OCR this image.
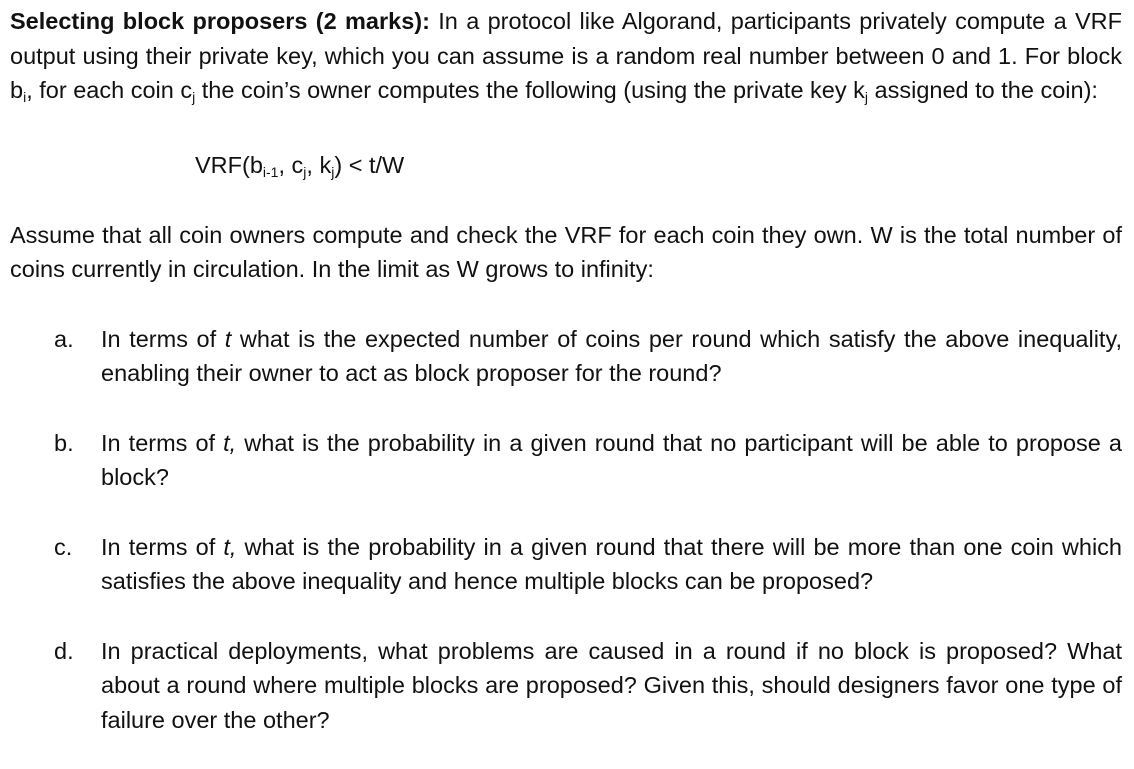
Selecting block proposers (2 marks): In a protocol like Algorand, participants privately compute a VRF output using their private key, which you can assume is a random real number between 0 and 1. For block $b_i$, for each coin $c_j$ the coin’s owner computes the following (using the private key $k_j$ assigned to the coin):

$VRF(b_{i-1}$, $c_j$, $k_j) < t/W$

Assume that all coin owners compute and check the VRF for each coin they own. W is the total number of coins currently in circulation. In the limit as W grows to infinity:

a. In terms of t what is the expected number of coins per round which satisfy the above inequality, enabling their owner to act as block proposer for the round?
b. In terms of t, what is the probability in a given round that no participant will be able to propose a block?
c. In terms of t, what is the probability in a given round that there will be more than one coin which satisfies the above inequality and hence multiple blocks can be proposed?
d. In practical deployments, what problems are caused in a round if no block is proposed? What about a round where multiple blocks are proposed? Given this, should designers favor one type of failure over the other?
